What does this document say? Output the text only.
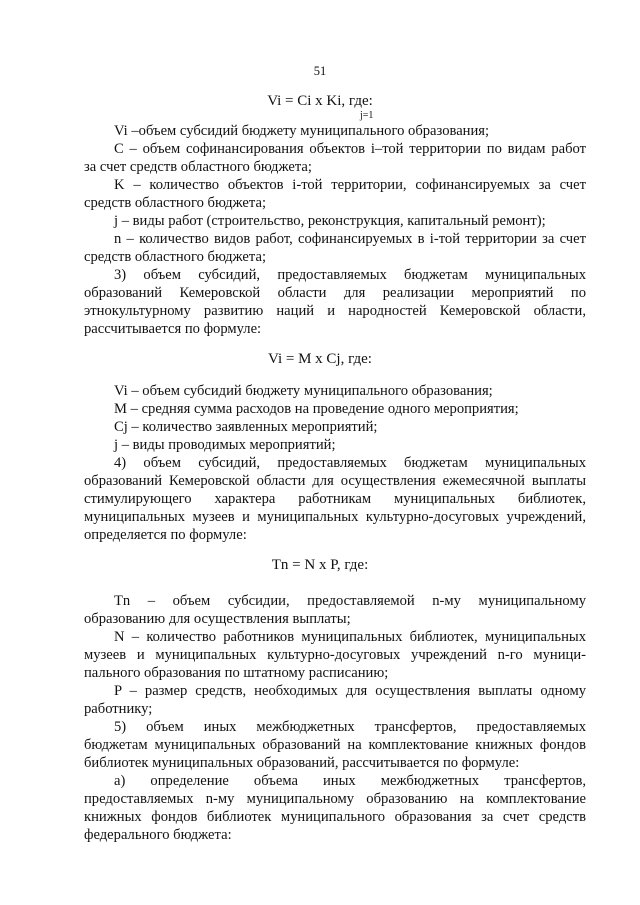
51
Vi = Ci x Ki, где:
j=1
Vi –объем субсидий бюджету муниципального образования;
C – объем софинансирования объектов i–той территории по видам работ
за счет средств областного бюджета;
K – количество объектов i-той территории, софинансируемых за счет
средств областного бюджета;
j – виды работ (строительство, реконструкция, капитальный ремонт);
n – количество видов работ, софинансируемых в i-той территории за счет
средств областного бюджета;
3) объем субсидий, предоставляемых бюджетам муниципальных
образований Кемеровской области для реализации мероприятий по
этнокультурному развитию наций и народностей Кемеровской области,
рассчитывается по формуле:
Vi = M x Cj, где:
Vi – объем субсидий бюджету муниципального образования;
M – средняя сумма расходов на проведение одного мероприятия;
Cj – количество заявленных мероприятий;
j – виды проводимых мероприятий;
4) объем субсидий, предоставляемых бюджетам муниципальных
образований Кемеровской области для осуществления ежемесячной выплаты
стимулирующего характера работникам муниципальных библиотек,
муниципальных музеев и муниципальных культурно-досуговых учреждений,
определяется по формуле:
Tn = N x P, где:
Tn – объем субсидии, предоставляемой n-му муниципальному
образованию для осуществления выплаты;
N – количество работников муниципальных библиотек, муниципальных
музеев и муниципальных культурно-досуговых учреждений n-го муници-
пального образования по штатному расписанию;
P – размер средств, необходимых для осуществления выплаты одному
работнику;
5) объем иных межбюджетных трансфертов, предоставляемых
бюджетам муниципальных образований на комплектование книжных фондов
библиотек муниципальных образований, рассчитывается по формуле:
а) определение объема иных межбюджетных трансфертов,
предоставляемых n-му муниципальному образованию на комплектование
книжных фондов библиотек муниципального образования за счет средств
федерального бюджета:
